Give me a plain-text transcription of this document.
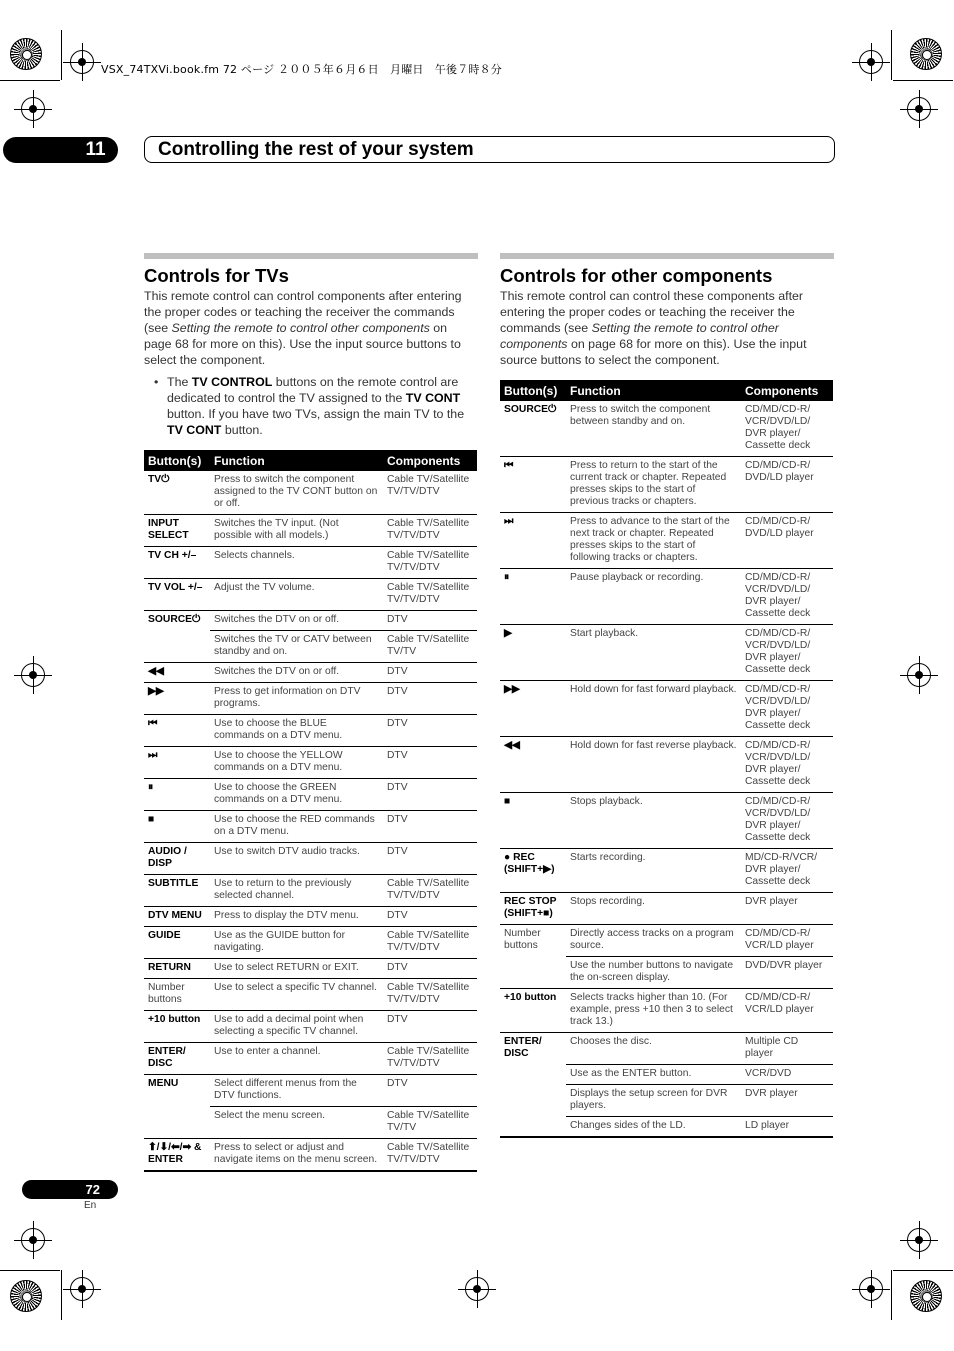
VSX_74TXVi.book.fm 72 ページ ２００５年６月６日　月曜日　午後７時８分
11	Controlling the rest of your system
Controls for TVs

This remote control can control components after entering the proper codes or teaching the receiver the commands (see Setting the remote to control other components on page 68 for more on this). Use the input source buttons to select the component.

• The TV CONTROL buttons on the remote control are dedicated to control the TV assigned to the TV CONT button. If you have two TVs, assign the main TV to the TV CONT button.

Button(s)	Function	Components
TV⏻	Press to switch the component assigned to the TV CONT button on or off.	Cable TV/Satellite TV/TV/DTV
INPUT SELECT	Switches the TV input. (Not possible with all models.)	Cable TV/Satellite TV/TV/DTV
TV CH +/–	Selects channels.	Cable TV/Satellite TV/TV/DTV
TV VOL +/–	Adjust the TV volume.	Cable TV/Satellite TV/TV/DTV
SOURCE⏻	Switches the DTV on or off.	DTV
	Switches the TV or CATV between standby and on.	Cable TV/Satellite TV/TV
◀◀	Switches the DTV on or off.	DTV
▶▶	Press to get information on DTV programs.	DTV
⏮	Use to choose the BLUE commands on a DTV menu.	DTV
⏭	Use to choose the YELLOW commands on a DTV menu.	DTV
⏸	Use to choose the GREEN commands on a DTV menu.	DTV
■	Use to choose the RED commands on a DTV menu.	DTV
AUDIO / DISP	Use to switch DTV audio tracks.	DTV
SUBTITLE	Use to return to the previously selected channel.	Cable TV/Satellite TV/TV/DTV
DTV MENU	Press to display the DTV menu.	DTV
GUIDE	Use as the GUIDE button for navigating.	Cable TV/Satellite TV/TV/DTV
RETURN	Use to select RETURN or EXIT.	DTV
Number buttons	Use to select a specific TV channel.	Cable TV/Satellite TV/TV/DTV
+10 button	Use to add a decimal point when selecting a specific TV channel.	DTV
ENTER/ DISC	Use to enter a channel.	Cable TV/Satellite TV/TV/DTV
MENU	Select different menus from the DTV functions.	DTV
	Select the menu screen.	Cable TV/Satellite TV/TV
⬆/⬇/⬅/➡ & ENTER	Press to select or adjust and navigate items on the menu screen.	Cable TV/Satellite TV/TV/DTV
Controls for other components

This remote control can control these components after entering the proper codes or teaching the receiver the commands (see Setting the remote to control other components on page 68 for more on this). Use the input source buttons to select the component.

Button(s)	Function	Components
SOURCE⏻	Press to switch the component between standby and on.	CD/MD/CD-R/ VCR/DVD/LD/ DVR player/ Cassette deck
⏮	Press to return to the start of the current track or chapter. Repeated presses skips to the start of previous tracks or chapters.	CD/MD/CD-R/ DVD/LD player
⏭	Press to advance to the start of the next track or chapter. Repeated presses skips to the start of following tracks or chapters.	CD/MD/CD-R/ DVD/LD player
⏸	Pause playback or recording.	CD/MD/CD-R/ VCR/DVD/LD/ DVR player/ Cassette deck
▶	Start playback.	CD/MD/CD-R/ VCR/DVD/LD/ DVR player/ Cassette deck
▶▶	Hold down for fast forward playback.	CD/MD/CD-R/ VCR/DVD/LD/ DVR player/ Cassette deck
◀◀	Hold down for fast reverse playback.	CD/MD/CD-R/ VCR/DVD/LD/ DVR player/ Cassette deck
■	Stops playback.	CD/MD/CD-R/ VCR/DVD/LD/ DVR player/ Cassette deck
● REC (SHIFT+▶)	Starts recording.	MD/CD-R/VCR/ DVR player/ Cassette deck
REC STOP (SHIFT+■)	Stops recording.	DVR player
Number buttons	Directly access tracks on a program source.	CD/MD/CD-R/ VCR/LD player
	Use the number buttons to navigate the on-screen display.	DVD/DVR player
+10 button	Selects tracks higher than 10. (For example, press +10 then 3 to select track 13.)	CD/MD/CD-R/ VCR/LD player
ENTER/ DISC	Chooses the disc.	Multiple CD player
	Use as the ENTER button.	VCR/DVD
	Displays the setup screen for DVR players.	DVR player
	Changes sides of the LD.	LD player
72
En
